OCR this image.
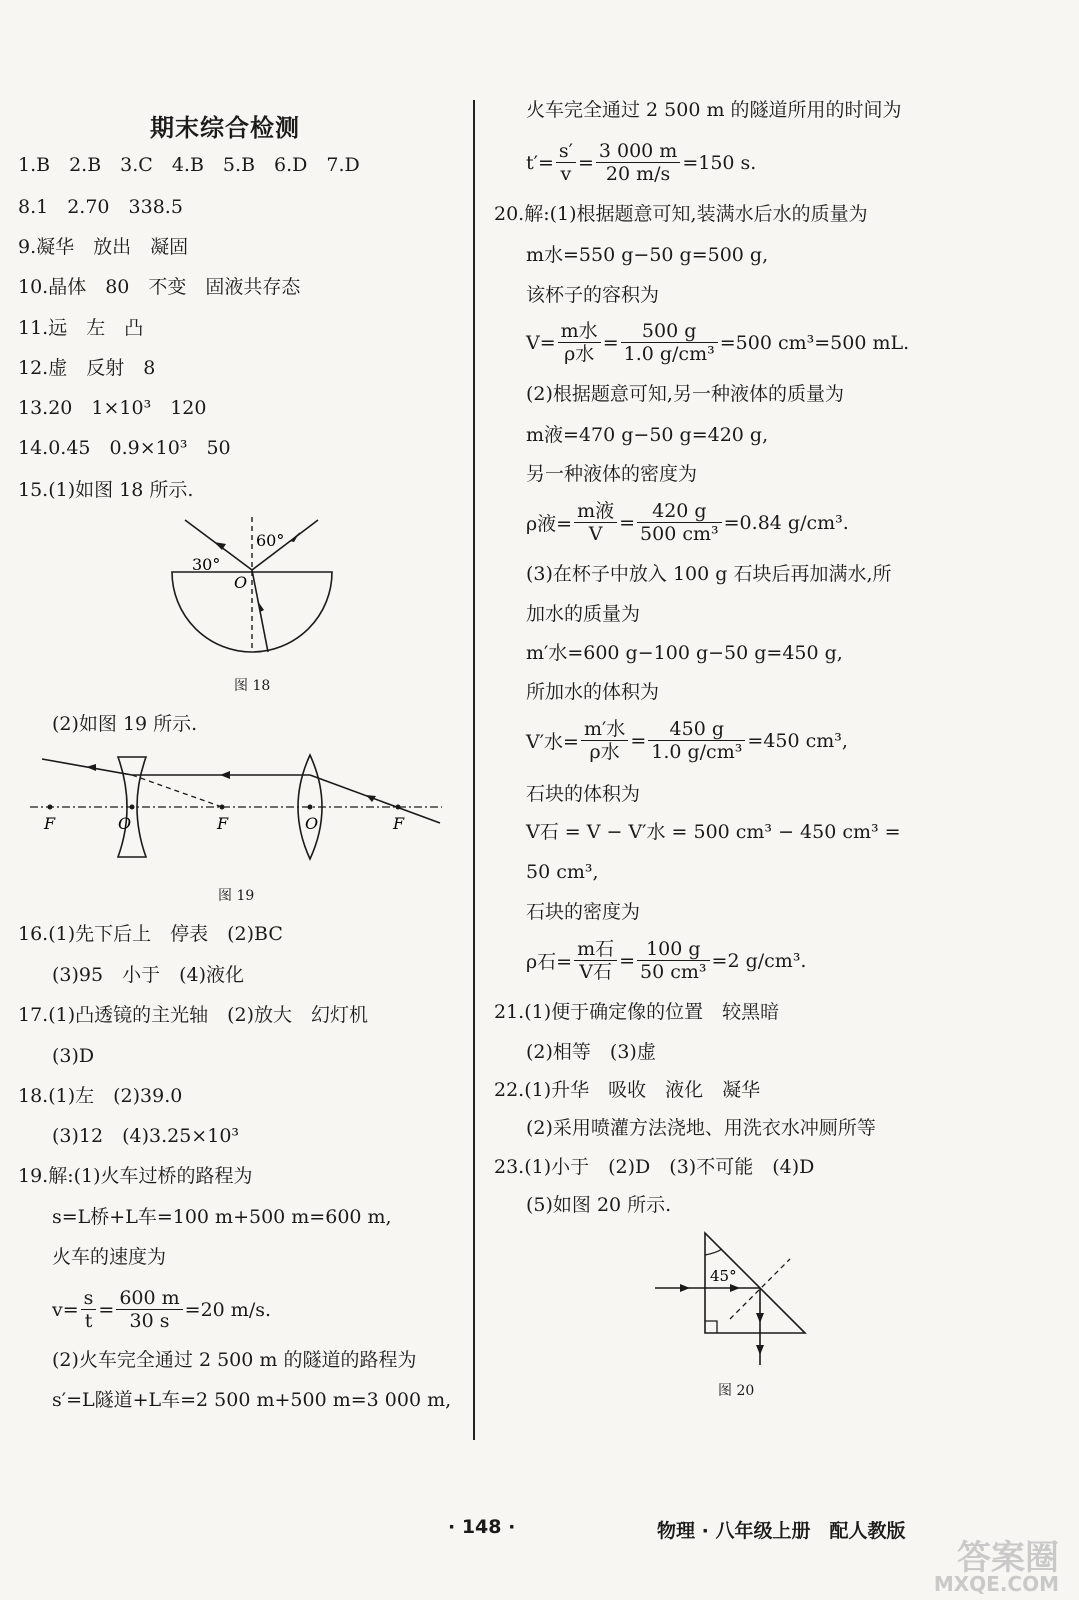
期末综合检测
1.B　2.B　3.C　4.B　5.B　6.D　7.D
8.1　2.70　338.5
9.凝华　放出　凝固
10.晶体　80　不变　固液共存态
11.远　左　凸
12.虚　反射　8
13.20　1×10³　120
14.0.45　0.9×10³　50
15.(1)如图 18 所示.
30°
60°
O
图 18
(2)如图 19 所示.
F	O	F	O	F
图 19
16.(1)先下后上　停表　(2)BC
(3)95　小于　(4)液化
17.(1)凸透镜的主光轴　(2)放大　幻灯机
(3)D
18.(1)左　(2)39.0
(3)12　(4)3.25×10³
19.解:(1)火车过桥的路程为
s=L桥+L车=100 m+500 m=600 m,
火车的速度为
$v= \frac{s}{t} = \frac{600 m}{30 s} =20$ m/s.
(2)火车完全通过 2 500 m 的隧道的路程为
s′=L隧道+L车=2 500 m+500 m=3 000 m,
火车完全通过 2 500 m 的隧道所用的时间为
$t'= \frac{s'}{v} = \frac{3 000 m}{20 m/s} =150$ s.
20.解:(1)根据题意可知,装满水后水的质量为
m水=550 g−50 g=500 g,
该杯子的容积为
$V= \frac{\text{m水}}{\text{ρ水}} = \frac{500 g}{\text{1.0 g/cm³}} =500$ cm³=500 mL.
(2)根据题意可知,另一种液体的质量为
m液=470 g−50 g=420 g,
另一种液体的密度为
ρ液= $\frac{\text{m液}}{V} = \frac{420 g}{\text{500 cm³}} =0.84$ g/cm³.
(3)在杯子中放入 100 g 石块后再加满水,所
加水的质量为
m′水=600 g−100 g−50 g=450 g,
所加水的体积为
V′水= $\frac{\text{m′水}}{\text{ρ水}} = \frac{450 g}{\text{1.0 g/cm³}} =450$ cm³,
石块的体积为
V石 = V − V′水 = 500 cm³ − 450 cm³ =
50 cm³,
石块的密度为
ρ石= $\frac{\text{m石}}{\text{V石}} = \frac{100 g}{\text{50 cm³}} =2$ g/cm³.
21.(1)便于确定像的位置　较黑暗
(2)相等　(3)虚
22.(1)升华　吸收　液化　凝华
(2)采用喷灌方法浇地、用洗衣水冲厕所等
23.(1)小于　(2)D　(3)不可能　(4)D
(5)如图 20 所示.
45°
图 20
· 148 ·	物理 · 八年级上册　配人教版
答案圈
MXQE.COM
